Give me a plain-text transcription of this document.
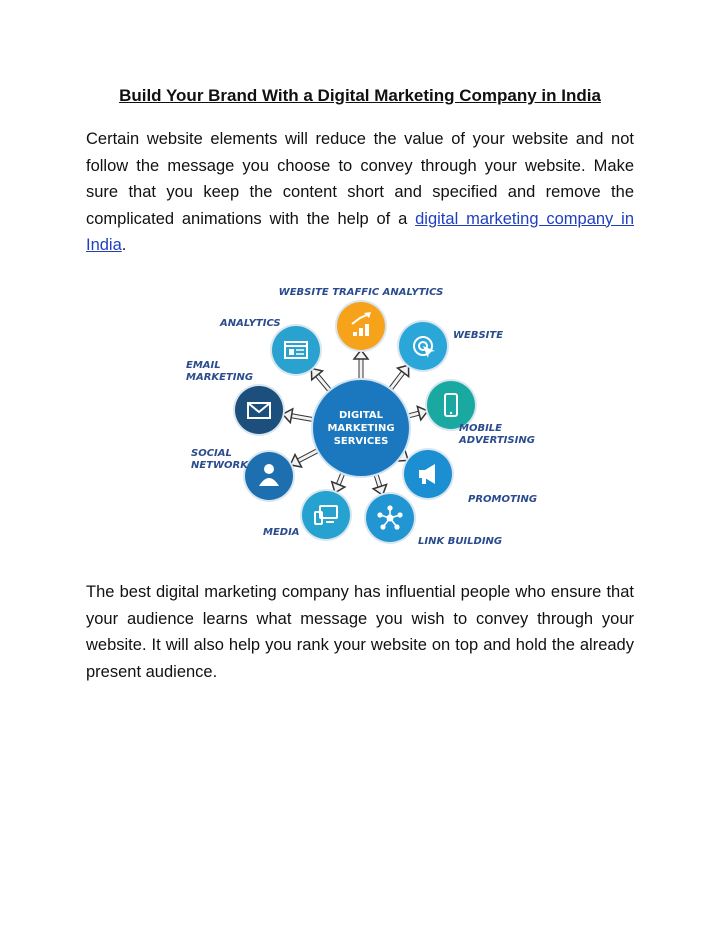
Build Your Brand With a Digital Marketing Company in India

Certain website elements will reduce the value of your website and not follow the message you choose to convey through your website. Make sure that you keep the content short and specified and remove the complicated animations with the help of a digital marketing company in India.

DIGITAL
MARKETING
SERVICES
WEBSITE TRAFFIC ANALYTICS
WEBSITE
MOBILE
ADVERTISING
PROMOTING
LINK BUILDING
MEDIA
SOCIAL
NETWORK
EMAIL
MARKETING
ANALYTICS

The best digital marketing company has influential people who ensure that your audience learns what message you wish to convey through your website. It will also help you rank your website on top and hold the already present audience.
